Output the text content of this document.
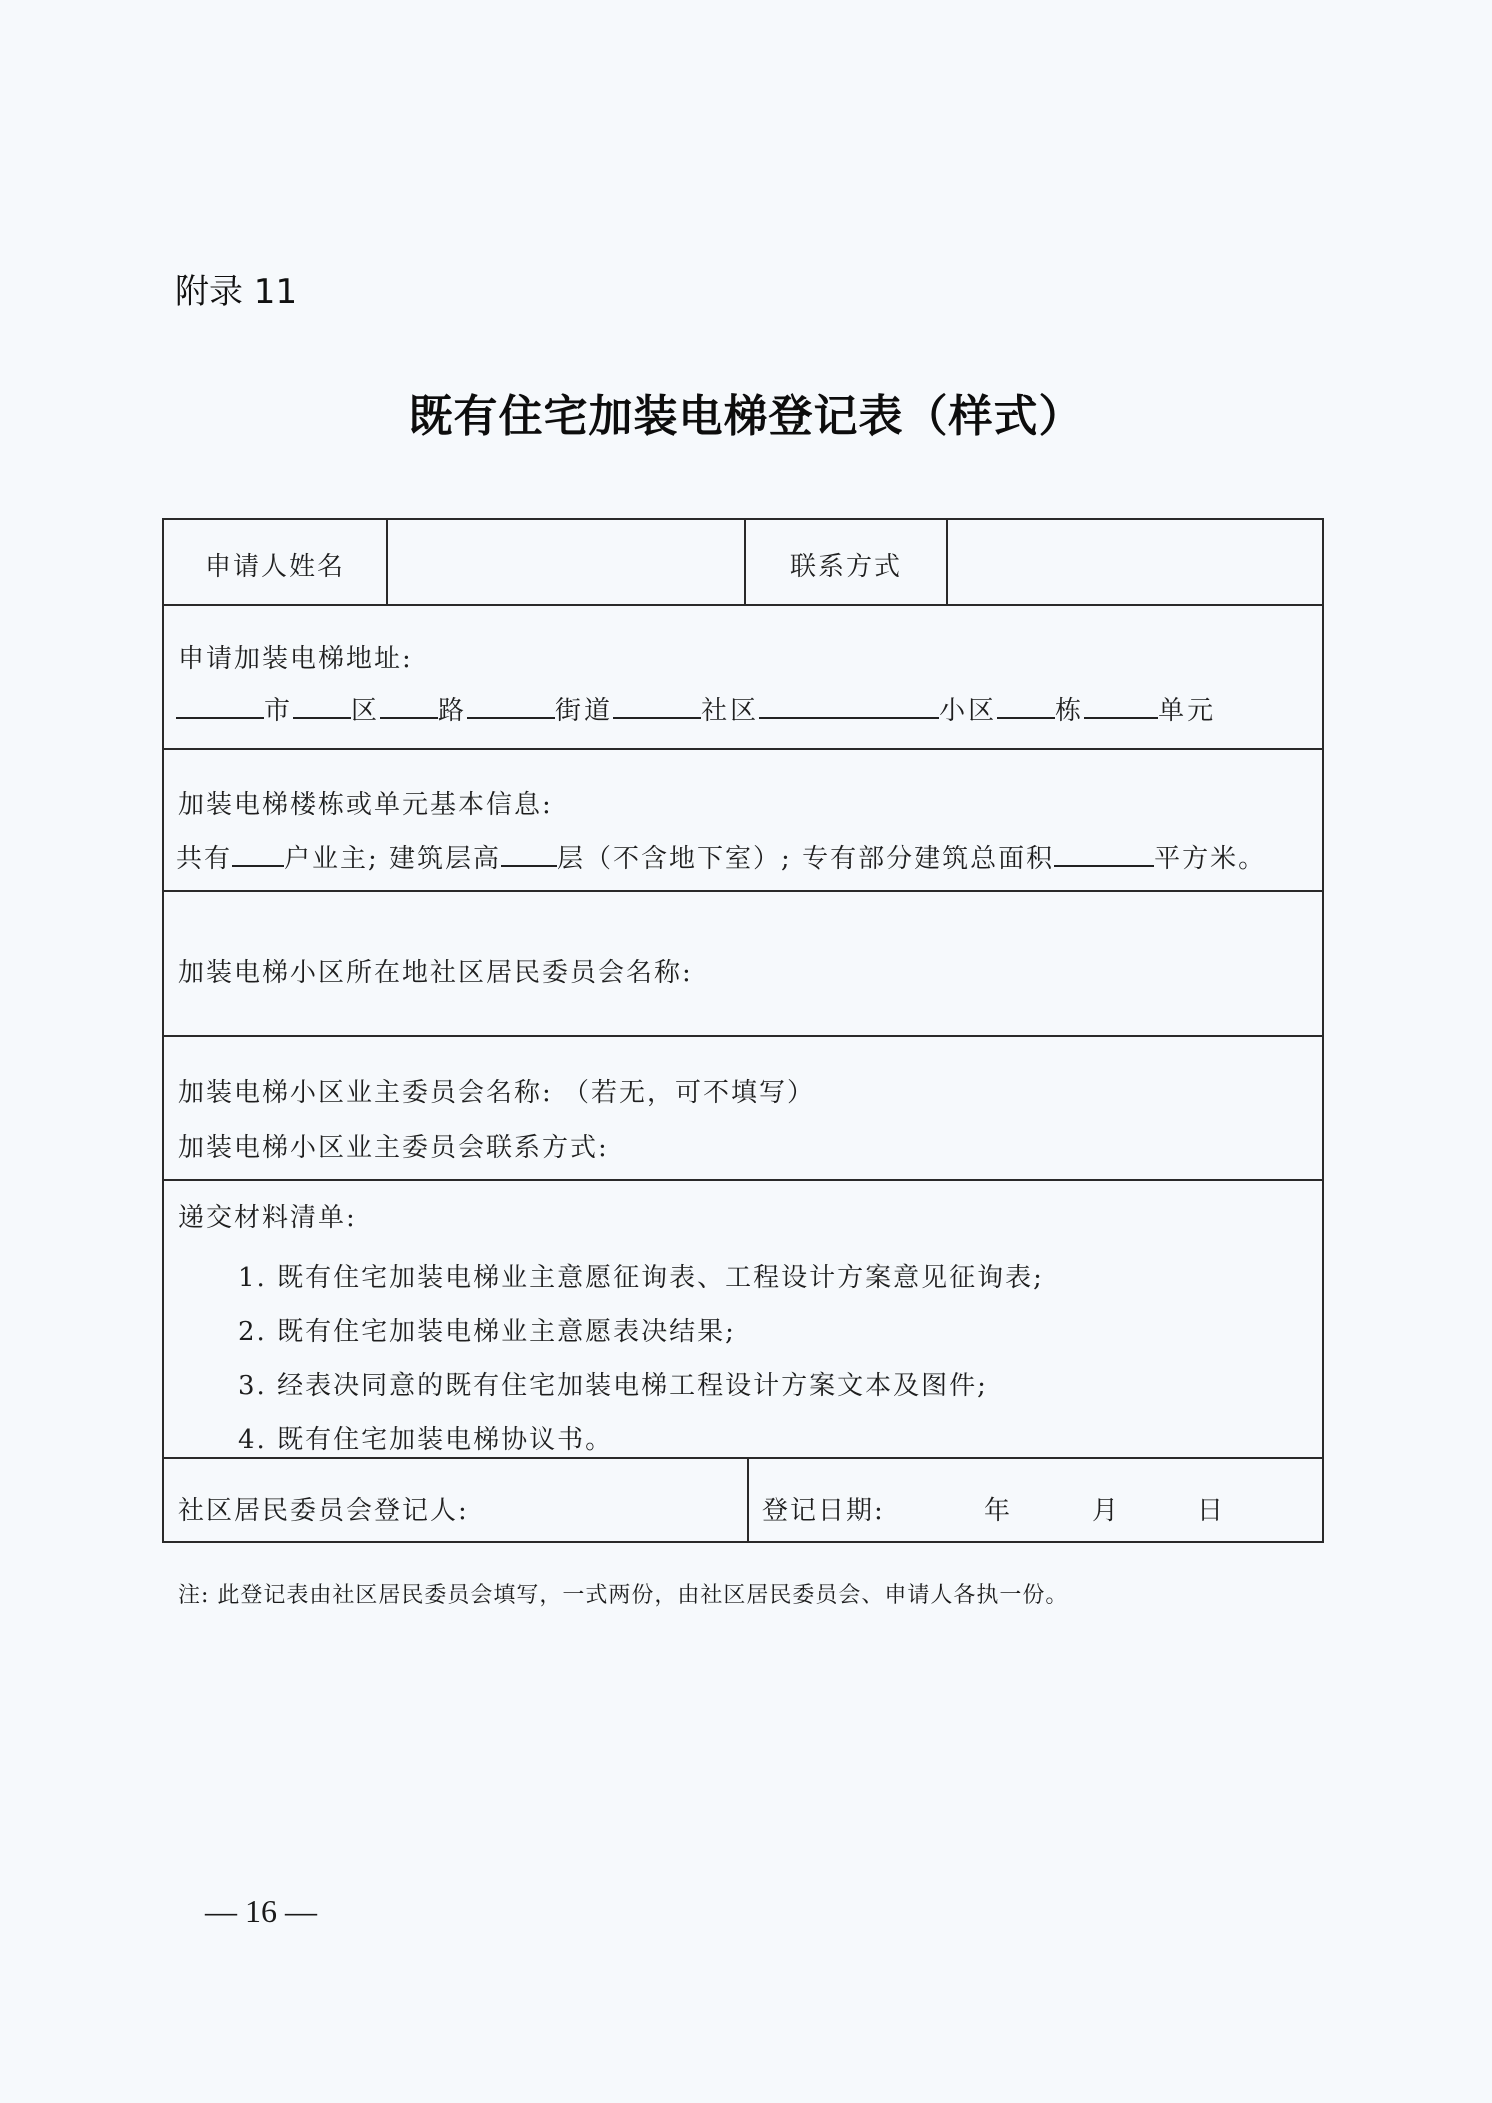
附录 11
既有住宅加装电梯登记表（样式）
申请人姓名	联系方式
申请加装电梯地址:
市 区 路	街道	社区	小区 栋	单元
加装电梯楼栋或单元基本信息:
共有 户业主; 建筑层高 层（不含地下室）; 专有部分建筑总面积	平方米。
加装电梯小区所在地社区居民委员会名称:
加装电梯小区业主委员会名称: （若无，可不填写）
加装电梯小区业主委员会联系方式:
递交材料清单:
1. 既有住宅加装电梯业主意愿征询表、工程设计方案意见征询表;
2. 既有住宅加装电梯业主意愿表决结果;
3. 经表决同意的既有住宅加装电梯工程设计方案文本及图件;
4. 既有住宅加装电梯协议书。
社区居民委员会登记人:	登记日期:	年	月	日
注: 此登记表由社区居民委员会填写，一式两份，由社区居民委员会、申请人各执一份。
— 16 —
